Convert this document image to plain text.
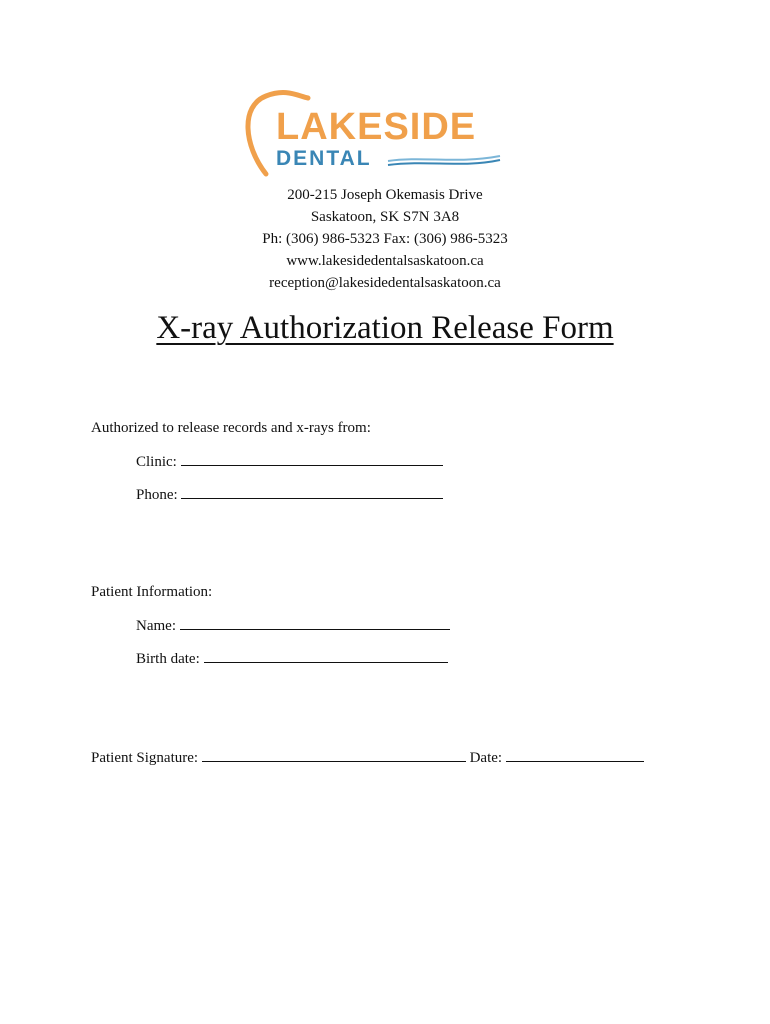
LAKESIDE
DENTAL
200-215 Joseph Okemasis Drive
Saskatoon, SK S7N 3A8
Ph: (306) 986-5323 Fax: (306) 986-5323
www.lakesidedentalsaskatoon.ca
reception@lakesidedentalsaskatoon.ca
X-ray Authorization Release Form
Authorized to release records and x-rays from:
Clinic:
Phone:
Patient Information:
Name:
Birth date:
Patient Signature:	Date:
